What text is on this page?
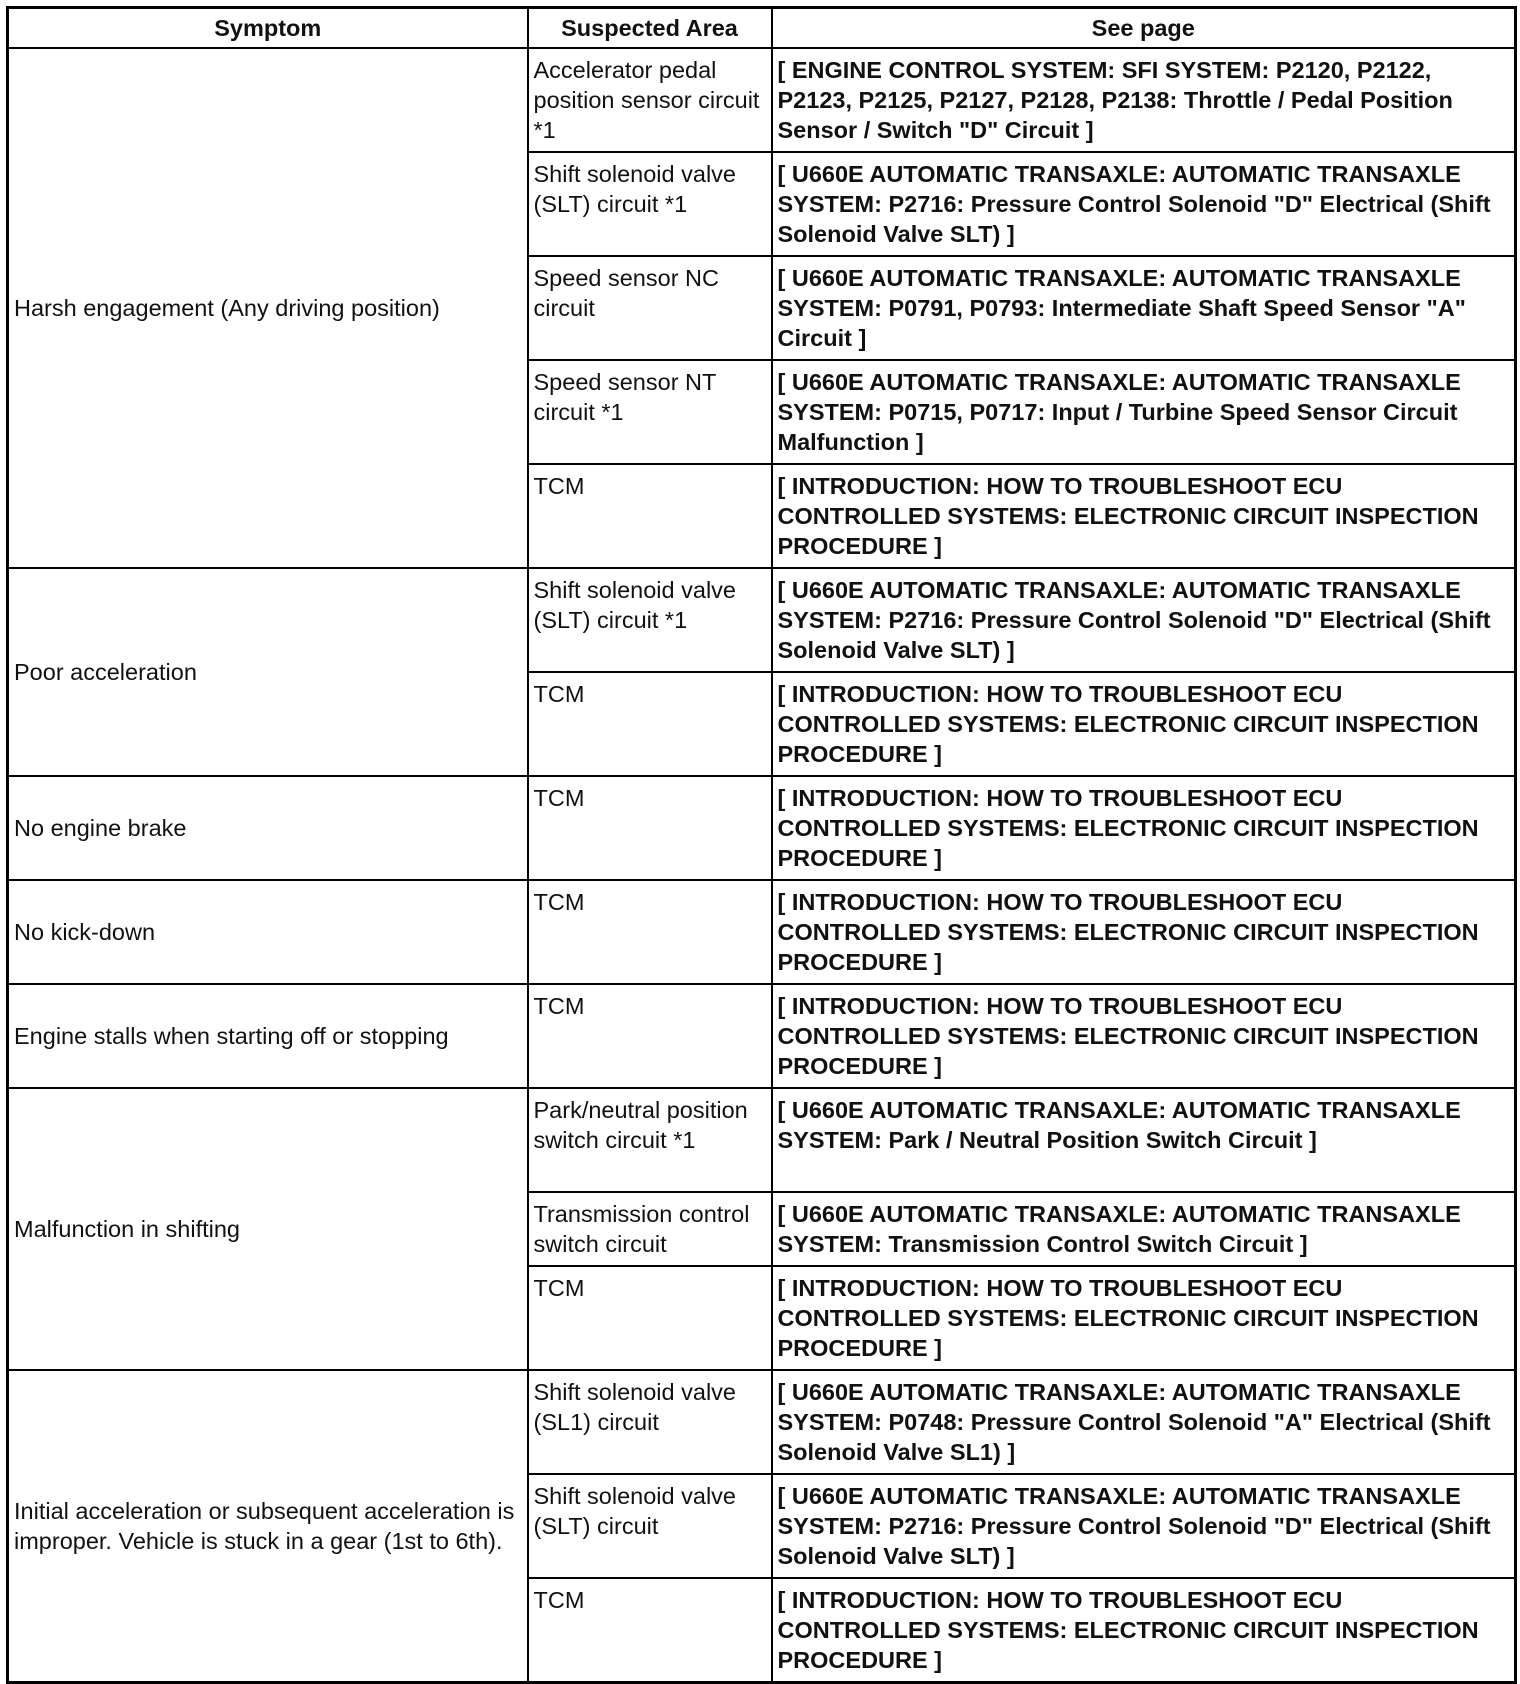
Symptom	Suspected Area	See page
Harsh engagement (Any driving position)	Accelerator pedal position sensor circuit *1	[ ENGINE CONTROL SYSTEM: SFI SYSTEM: P2120, P2122, P2123, P2125, P2127, P2128, P2138: Throttle / Pedal Position Sensor / Switch "D" Circuit ]
	Shift solenoid valve (SLT) circuit *1	[ U660E AUTOMATIC TRANSAXLE: AUTOMATIC TRANSAXLE SYSTEM: P2716: Pressure Control Solenoid "D" Electrical (Shift Solenoid Valve SLT) ]
	Speed sensor NC circuit	[ U660E AUTOMATIC TRANSAXLE: AUTOMATIC TRANSAXLE SYSTEM: P0791, P0793: Intermediate Shaft Speed Sensor "A" Circuit ]
	Speed sensor NT circuit *1	[ U660E AUTOMATIC TRANSAXLE: AUTOMATIC TRANSAXLE SYSTEM: P0715, P0717: Input / Turbine Speed Sensor Circuit Malfunction ]
	TCM	[ INTRODUCTION: HOW TO TROUBLESHOOT ECU CONTROLLED SYSTEMS: ELECTRONIC CIRCUIT INSPECTION PROCEDURE ]
Poor acceleration	Shift solenoid valve (SLT) circuit *1	[ U660E AUTOMATIC TRANSAXLE: AUTOMATIC TRANSAXLE SYSTEM: P2716: Pressure Control Solenoid "D" Electrical (Shift Solenoid Valve SLT) ]
	TCM	[ INTRODUCTION: HOW TO TROUBLESHOOT ECU CONTROLLED SYSTEMS: ELECTRONIC CIRCUIT INSPECTION PROCEDURE ]
No engine brake	TCM	[ INTRODUCTION: HOW TO TROUBLESHOOT ECU CONTROLLED SYSTEMS: ELECTRONIC CIRCUIT INSPECTION PROCEDURE ]
No kick-down	TCM	[ INTRODUCTION: HOW TO TROUBLESHOOT ECU CONTROLLED SYSTEMS: ELECTRONIC CIRCUIT INSPECTION PROCEDURE ]
Engine stalls when starting off or stopping	TCM	[ INTRODUCTION: HOW TO TROUBLESHOOT ECU CONTROLLED SYSTEMS: ELECTRONIC CIRCUIT INSPECTION PROCEDURE ]
Malfunction in shifting	Park/neutral position switch circuit *1	[ U660E AUTOMATIC TRANSAXLE: AUTOMATIC TRANSAXLE SYSTEM: Park / Neutral Position Switch Circuit ]
	Transmission control switch circuit	[ U660E AUTOMATIC TRANSAXLE: AUTOMATIC TRANSAXLE SYSTEM: Transmission Control Switch Circuit ]
	TCM	[ INTRODUCTION: HOW TO TROUBLESHOOT ECU CONTROLLED SYSTEMS: ELECTRONIC CIRCUIT INSPECTION PROCEDURE ]
Initial acceleration or subsequent acceleration is improper. Vehicle is stuck in a gear (1st to 6th).	Shift solenoid valve (SL1) circuit	[ U660E AUTOMATIC TRANSAXLE: AUTOMATIC TRANSAXLE SYSTEM: P0748: Pressure Control Solenoid "A" Electrical (Shift Solenoid Valve SL1) ]
	Shift solenoid valve (SLT) circuit	[ U660E AUTOMATIC TRANSAXLE: AUTOMATIC TRANSAXLE SYSTEM: P2716: Pressure Control Solenoid "D" Electrical (Shift Solenoid Valve SLT) ]
	TCM	[ INTRODUCTION: HOW TO TROUBLESHOOT ECU CONTROLLED SYSTEMS: ELECTRONIC CIRCUIT INSPECTION PROCEDURE ]
